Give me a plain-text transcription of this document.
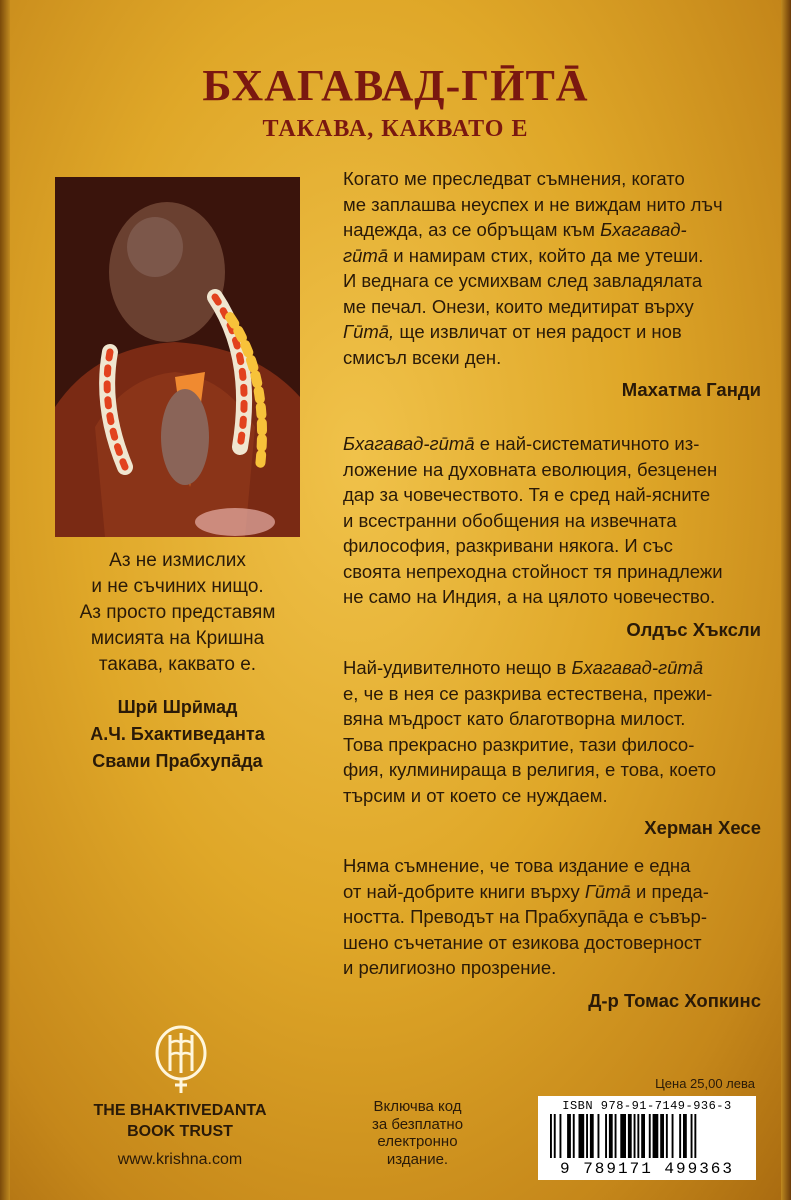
БХАГАВАД-ГӢТĀ
ТАКАВА, КАКВАТО Е
Аз не измислих
и не съчиних нищо.
Аз просто представям
мисията на Кришна
такава, каквато е.
Шрӣ Шрӣмад
А.Ч. Бхактиведанта
Свами Прабхупāда
Когато ме преследват съмнения, когато
ме заплашва неуспех и не виждам нито лъч
надежда, аз се обръщам към Бхагавад-
гӣтā и намирам стих, който да ме утеши.
И веднага се усмихвам след завладялата
ме печал. Онези, които медитират върху
Гӣтā, ще извличат от нея радост и нов
смисъл всеки ден.
Махатма Ганди
Бхагавад-гӣтā е най-систематичното из-
ложение на духовната еволюция, безценен
дар за човечеството. Тя е сред най-ясните
и всестранни обобщения на извечната
философия, разкривани някога. И със
своята непреходна стойност тя принадлежи
не само на Индия, а на цялото човечество.
Олдъс Хъксли
Най-удивителното нещо в Бхагавад-гӣтā
е, че в нея се разкрива естествена, прежи-
вяна мъдрост като благотворна милост.
Това прекрасно разкритие, тази филосо-
фия, кулминираща в религия, е това, което
търсим и от което се нуждаем.
Херман Хесе
Няма съмнение, че това издание е една
от най-добрите книги върху Гӣтā и преда-
ността. Преводът на Прабхупāда е съвър-
шено съчетание от езикова достоверност
и религиозно прозрение.
Д-р Томас Хопкинс
THE BHAKTIVEDANTA
BOOK TRUST
www.krishna.com
Включва код
за безплатно
електронно
издание.
Цена 25,00 лева
ISBN 978-91-7149-936-3
9 789171 499363
